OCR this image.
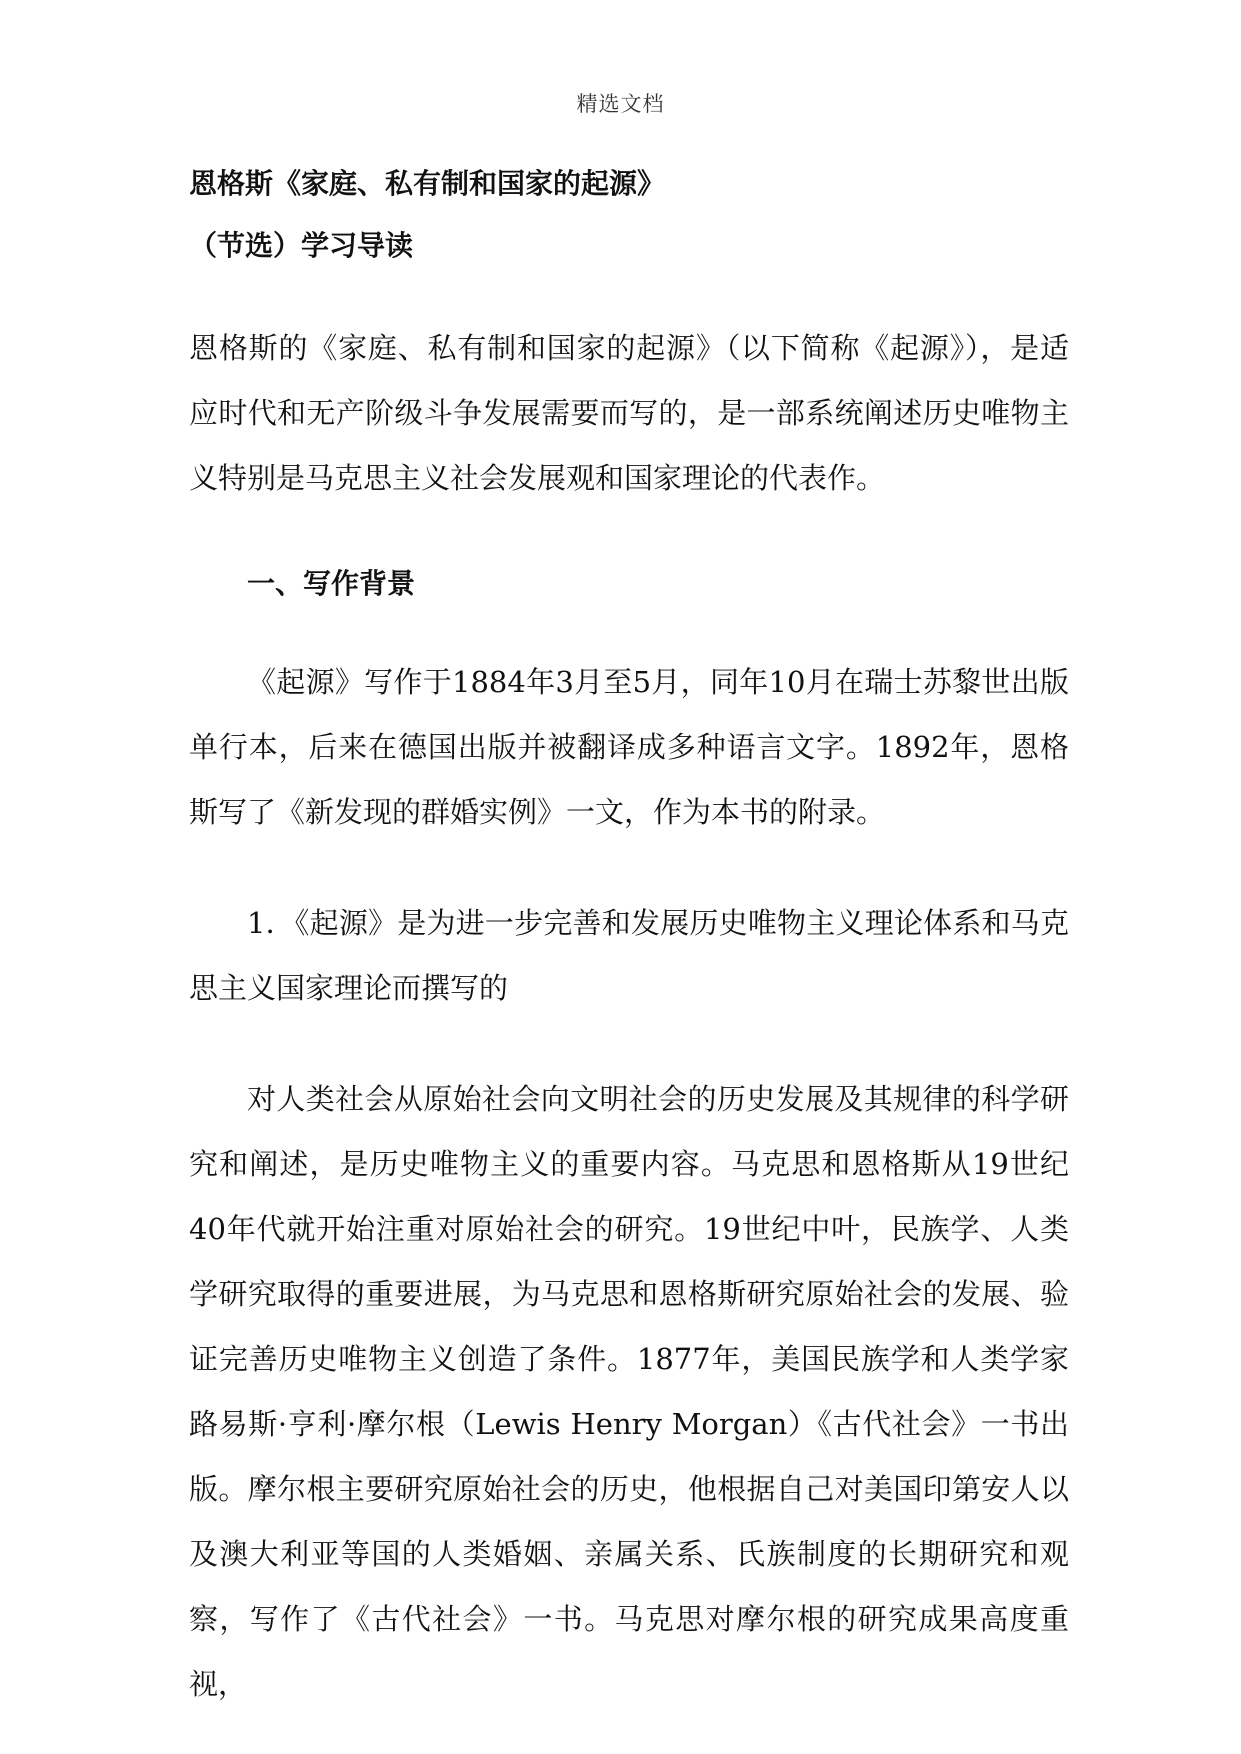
精选文档
恩格斯《家庭、私有制和国家的起源》
（节选）学习导读

恩格斯的《家庭、私有制和国家的起源》（以下简称《起源》），是适应时代和无产阶级斗争发展需要而写的，是一部系统阐述历史唯物主义特别是马克思主义社会发展观和国家理论的代表作。

一、写作背景

《起源》写作于1884年3月至5月，同年10月在瑞士苏黎世出版单行本，后来在德国出版并被翻译成多种语言文字。1892年，恩格斯写了《新发现的群婚实例》一文，作为本书的附录。

1．《起源》是为进一步完善和发展历史唯物主义理论体系和马克思主义国家理论而撰写的

对人类社会从原始社会向文明社会的历史发展及其规律的科学研究和阐述，是历史唯物主义的重要内容。马克思和恩格斯从19世纪40年代就开始注重对原始社会的研究。19世纪中叶，民族学、人类学研究取得的重要进展，为马克思和恩格斯研究原始社会的发展、验证完善历史唯物主义创造了条件。1877年，美国民族学和人类学家路易斯·亨利·摩尔根（Lewis Henry Morgan）《古代社会》一书出版。摩尔根主要研究原始社会的历史，他根据自己对美国印第安人以及澳大利亚等国的人类婚姻、亲属关系、氏族制度的长期研究和观察，写作了《古代社会》一书。马克思对摩尔根的研究成果高度重视，
